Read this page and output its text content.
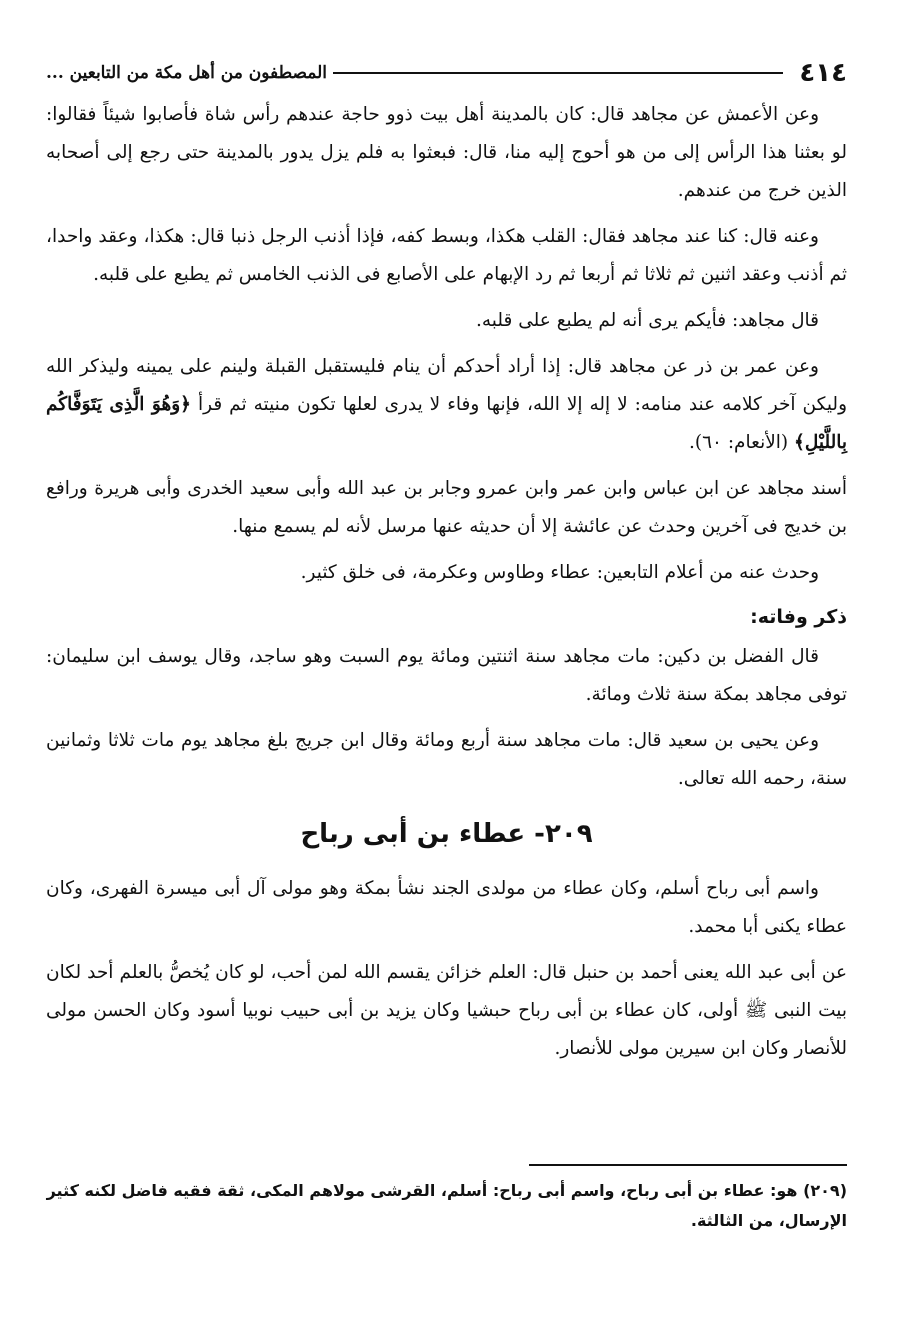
٤١٤
المصطفون من أهل مكة من التابعين ...

وعن الأعمش عن مجاهد قال: كان بالمدينة أهل بيت ذوو حاجة عندهم رأس شاة فأصابوا شيئاً فقالوا: لو بعثنا هذا الرأس إلى من هو أحوج إليه منا، قال: فبعثوا به فلم يزل يدور بالمدينة حتى رجع إلى أصحابه الذين خرج من عندهم.

وعنه قال: كنا عند مجاهد فقال: القلب هكذا، وبسط كفه، فإذا أذنب الرجل ذنبا قال: هكذا، وعقد واحدا، ثم أذنب وعقد اثنين ثم ثلاثا ثم أربعا ثم رد الإبهام على الأصابع فى الذنب الخامس ثم يطبع على قلبه.

قال مجاهد: فأيكم يرى أنه لم يطبع على قلبه.

وعن عمر بن ذر عن مجاهد قال: إذا أراد أحدكم أن ينام فليستقبل القبلة ولينم على يمينه وليذكر الله وليكن آخر كلامه عند منامه: لا إله إلا الله، فإنها وفاء لا يدرى لعلها تكون منيته ثم قرأ ﴿وَهُوَ الَّذِى يَتَوَفَّاكُم بِاللَّيْلِ﴾ (الأنعام: ٦٠).

أسند مجاهد عن ابن عباس وابن عمر وابن عمرو وجابر بن عبد الله وأبى سعيد الخدرى وأبى هريرة ورافع بن خديج فى آخرين وحدث عن عائشة إلا أن حديثه عنها مرسل لأنه لم يسمع منها.

وحدث عنه من أعلام التابعين: عطاء وطاوس وعكرمة، فى خلق كثير.

ذكر وفاته:

قال الفضل بن دكين: مات مجاهد سنة اثنتين ومائة يوم السبت وهو ساجد، وقال يوسف ابن سليمان: توفى مجاهد بمكة سنة ثلاث ومائة.

وعن يحيى بن سعيد قال: مات مجاهد سنة أربع ومائة وقال ابن جريج بلغ مجاهد يوم مات ثلاثا وثمانين سنة، رحمه الله تعالى.

٢٠٩- عطاء بن أبى رباح

واسم أبى رباح أسلم، وكان عطاء من مولدى الجند نشأ بمكة وهو مولى آل أبى ميسرة الفهرى، وكان عطاء يكنى أبا محمد.

عن أبى عبد الله يعنى أحمد بن حنبل قال: العلم خزائن يقسم الله لمن أحب، لو كان يُخصُّ بالعلم أحد لكان بيت النبى ﷺ أولى، كان عطاء بن أبى رباح حبشيا وكان يزيد بن أبى حبيب نوبيا أسود وكان الحسن مولى للأنصار وكان ابن سيرين مولى للأنصار.

(٢٠٩) هو: عطاء بن أبى رباح، واسم أبى رباح: أسلم، القرشى مولاهم المكى، ثقة فقيه فاضل لكنه كثير الإرسال، من الثالثة.
